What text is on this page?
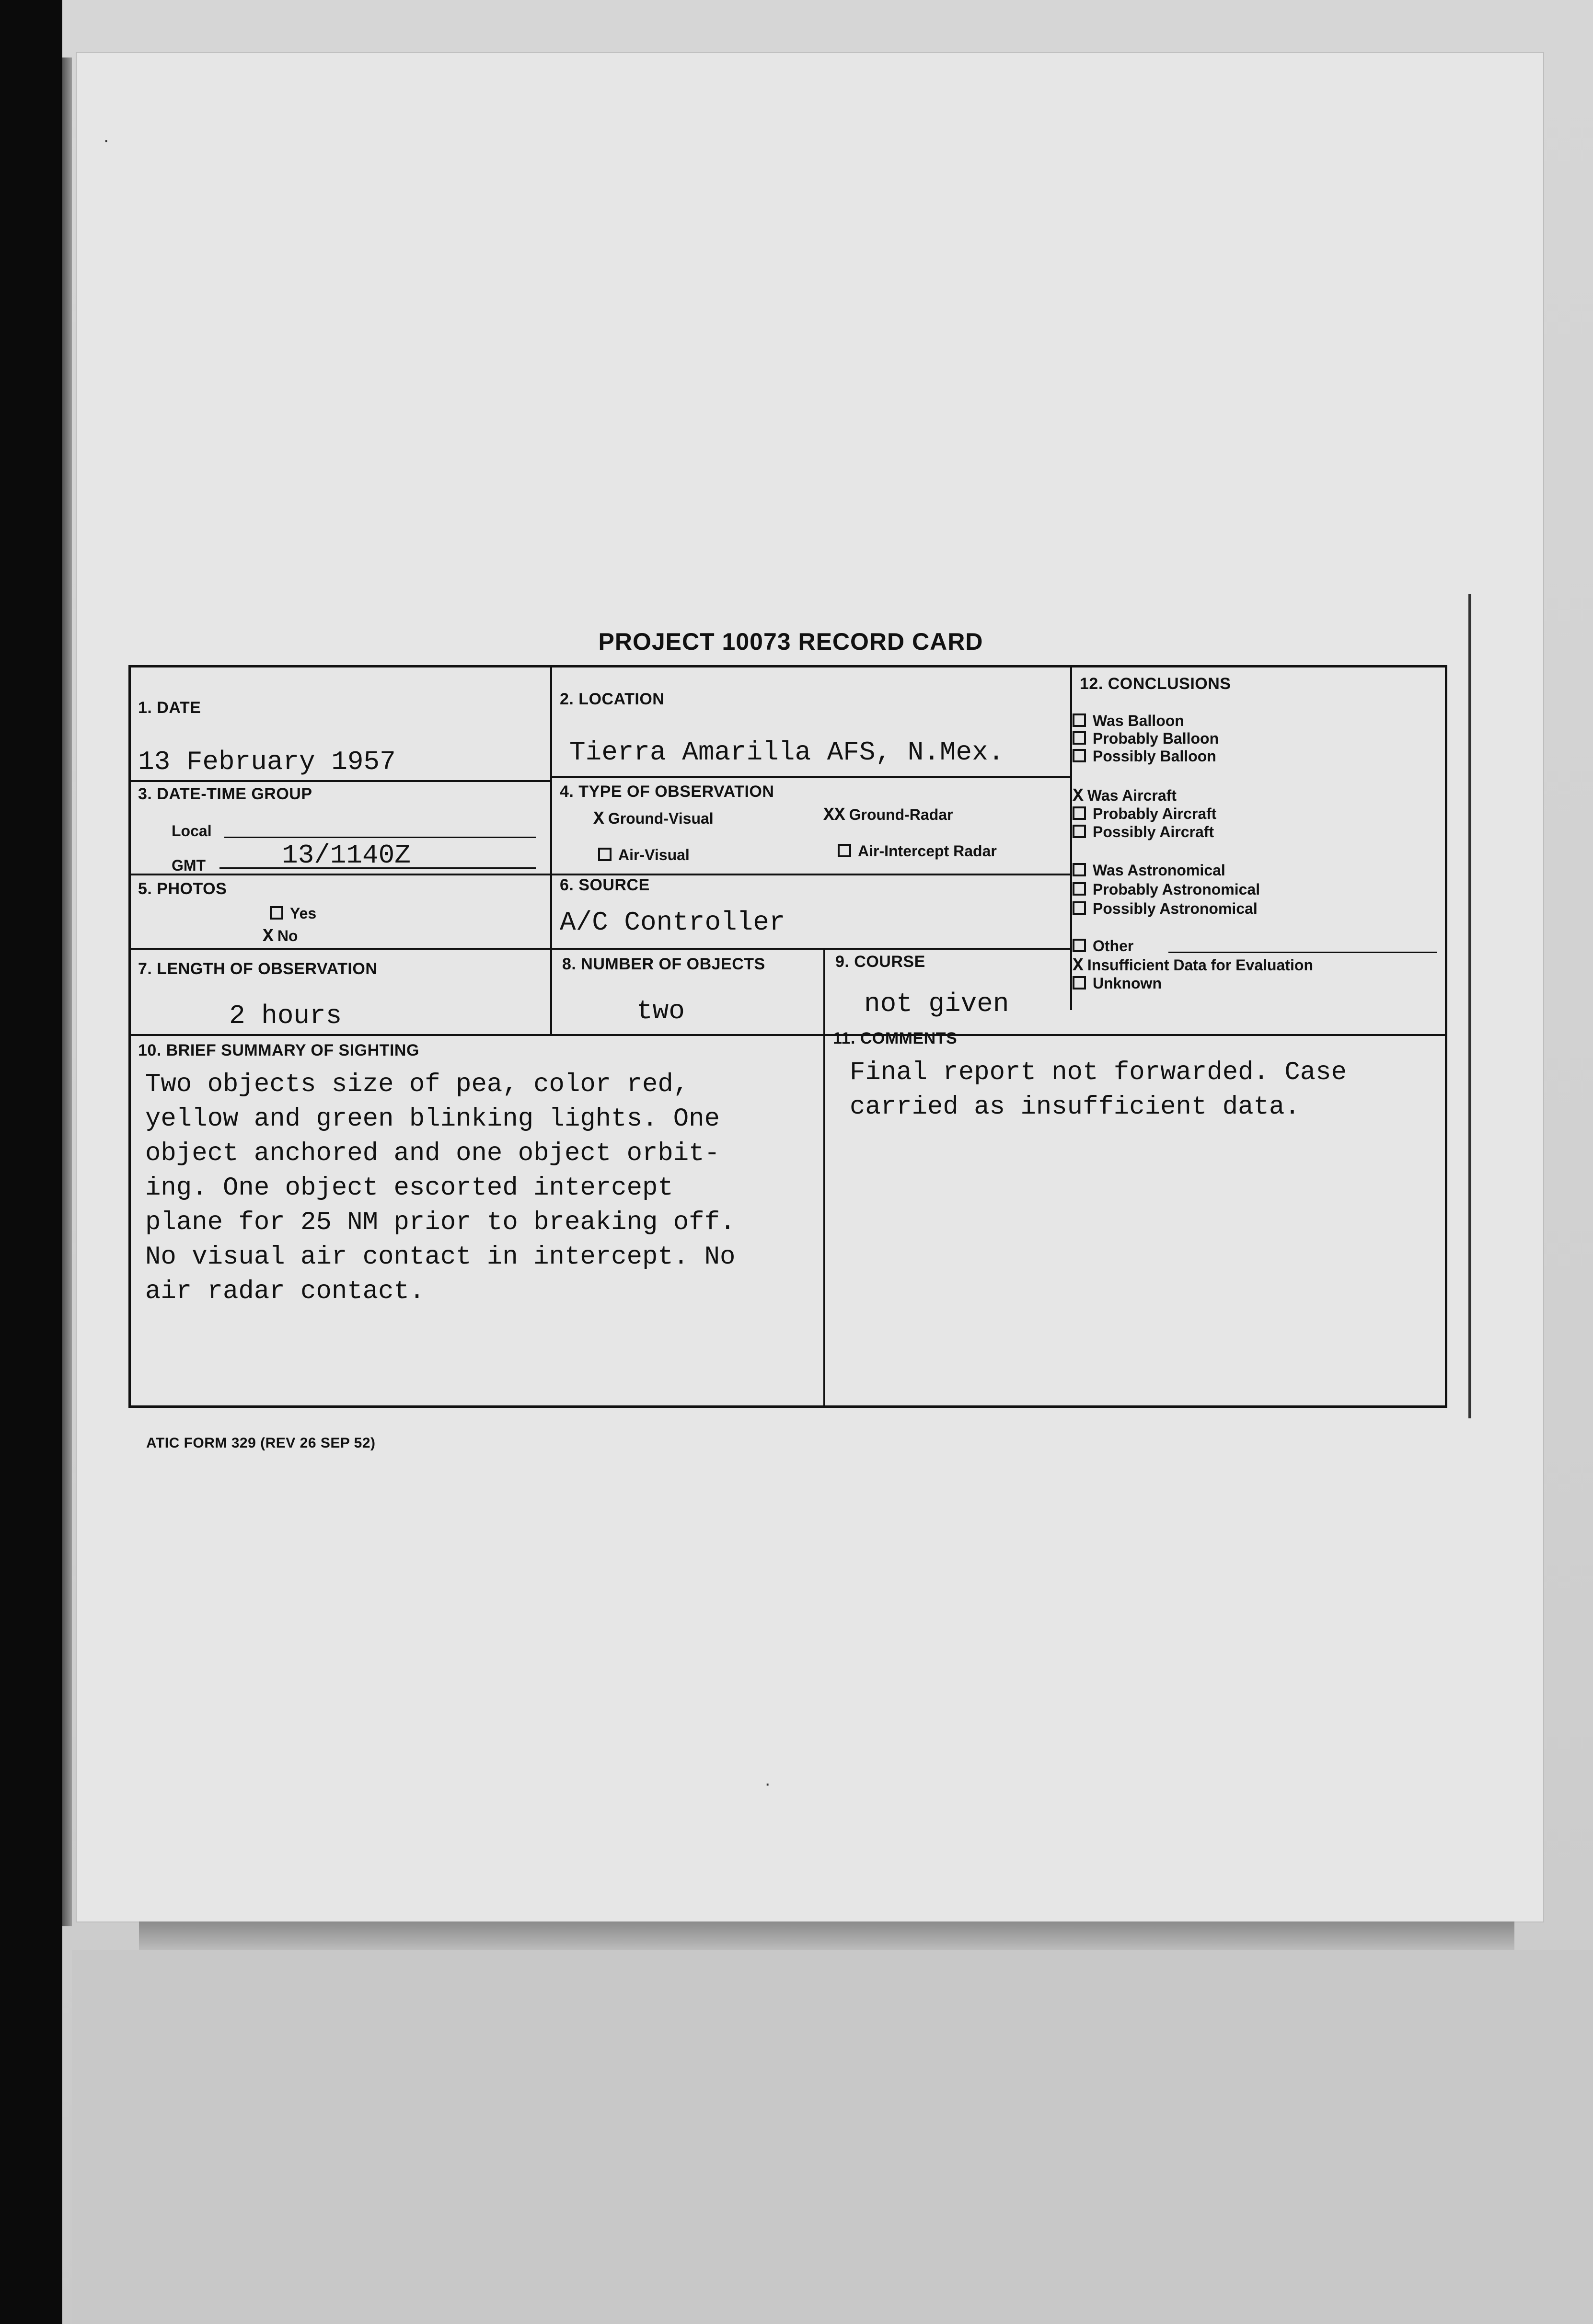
PROJECT 10073 RECORD CARD
1. DATE
13 February 1957
2. LOCATION
Tierra Amarilla AFS, N.Mex.
3. DATE-TIME GROUP
Local
GMT	13/1140Z
4. TYPE OF OBSERVATION
X Ground-Visual	XX Ground-Radar
Air-Visual	Air-Intercept Radar
5. PHOTOS
Yes
X No
6. SOURCE
A/C Controller
7. LENGTH OF OBSERVATION
2 hours
8. NUMBER OF OBJECTS
two
9. COURSE
not given
10. BRIEF SUMMARY OF SIGHTING
Two objects size of pea, color red,
yellow and green blinking lights. One
object anchored and one object orbit-
ing. One object escorted intercept
plane for 25 NM prior to breaking off.
No visual air contact in intercept. No
air radar contact.
11. COMMENTS
Final report not forwarded. Case
carried as insufficient data.
12. CONCLUSIONS
Was Balloon
Probably Balloon
Possibly Balloon
X Was Aircraft
Probably Aircraft
Possibly Aircraft
Was Astronomical
Probably Astronomical
Possibly Astronomical
Other
X Insufficient Data for Evaluation
Unknown
ATIC FORM 329 (REV 26 SEP 52)
·
·
